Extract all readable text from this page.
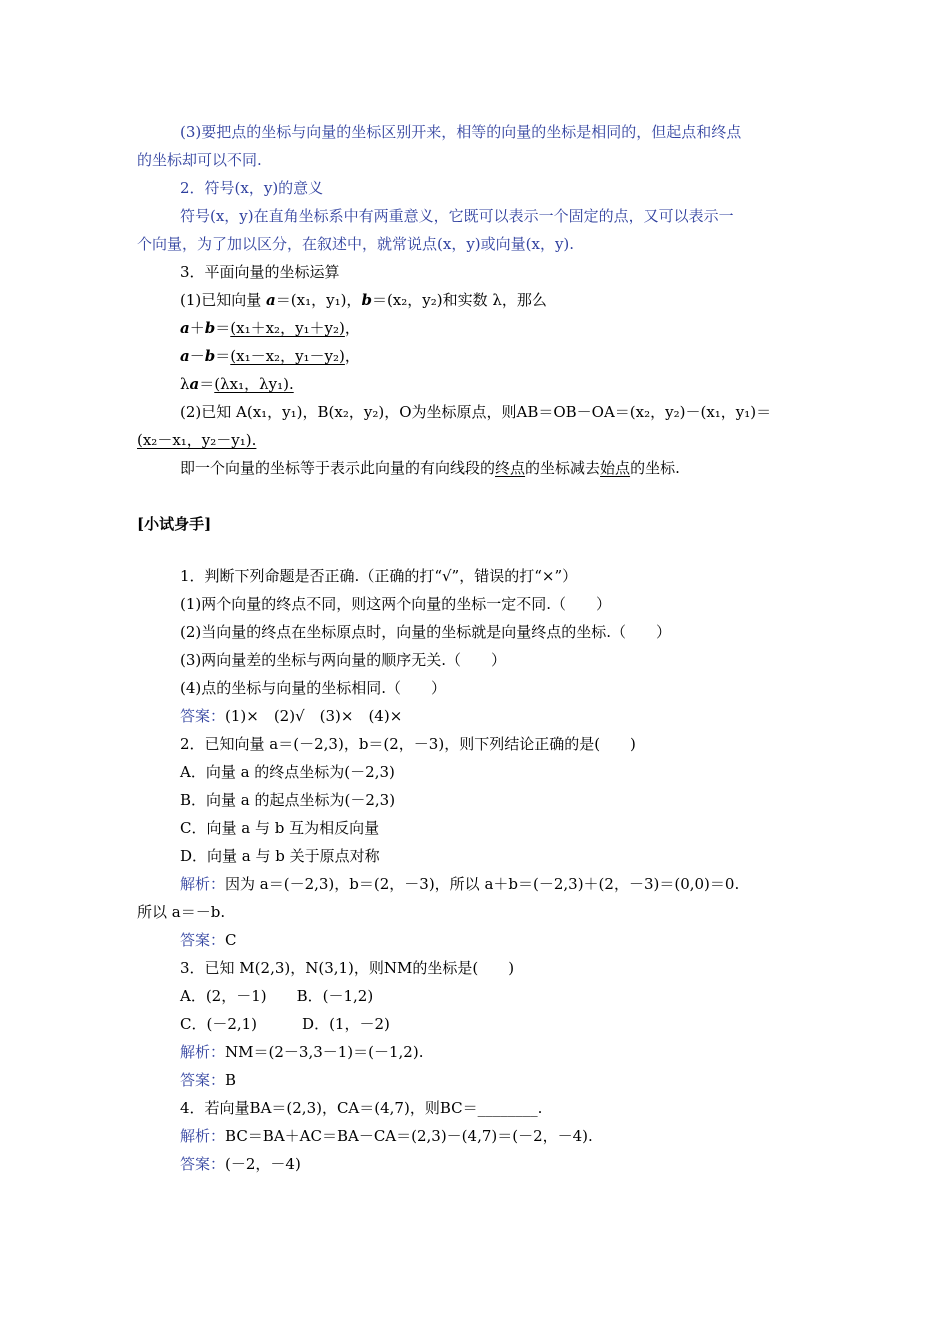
(3)要把点的坐标与向量的坐标区别开来，相等的向量的坐标是相同的，但起点和终点
的坐标却可以不同.
2．符号(x，y)的意义
符号(x，y)在直角坐标系中有两重意义，它既可以表示一个固定的点，又可以表示一
个向量，为了加以区分，在叙述中，就常说点(x，y)或向量(x，y).
3．平面向量的坐标运算
(1)已知向量 a＝(x₁，y₁)，b＝(x₂，y₂)和实数 λ，那么
a＋b＝(x₁＋x₂，y₁＋y₂)，
a－b＝(x₁－x₂，y₁－y₂)，
λa＝(λx₁，λy₁).
(2)已知 A(x₁，y₁)，B(x₂，y₂)，O为坐标原点，则AB＝OB－OA＝(x₂，y₂)－(x₁，y₁)＝
(x₂－x₁，y₂－y₁).
即一个向量的坐标等于表示此向量的有向线段的终点的坐标减去始点的坐标.
[小试身手]
1．判断下列命题是否正确.（正确的打“√”，错误的打“×”）
(1)两个向量的终点不同，则这两个向量的坐标一定不同.（　　）
(2)当向量的终点在坐标原点时，向量的坐标就是向量终点的坐标.（　　）
(3)两向量差的坐标与两向量的顺序无关.（　　）
(4)点的坐标与向量的坐标相同.（　　）
答案：(1)×　(2)√　(3)×　(4)×
2．已知向量 a＝(－2,3)，b＝(2，－3)，则下列结论正确的是(　　)
A．向量 a 的终点坐标为(－2,3)
B．向量 a 的起点坐标为(－2,3)
C．向量 a 与 b 互为相反向量
D．向量 a 与 b 关于原点对称
解析：因为 a＝(－2,3)，b＝(2，－3)，所以 a＋b＝(－2,3)＋(2，－3)＝(0,0)＝0.
所以 a＝－b.
答案：C
3．已知 M(2,3)，N(3,1)，则NM的坐标是(　　)
A．(2，－1)　　B．(－1,2)
C．(－2,1)　　　D．(1，－2)
解析：NM＝(2－3,3－1)＝(－1,2).
答案：B
4．若向量BA＝(2,3)，CA＝(4,7)，则BC＝________.
解析：BC＝BA＋AC＝BA－CA＝(2,3)－(4,7)＝(－2，－4).
答案：(－2，－4)
